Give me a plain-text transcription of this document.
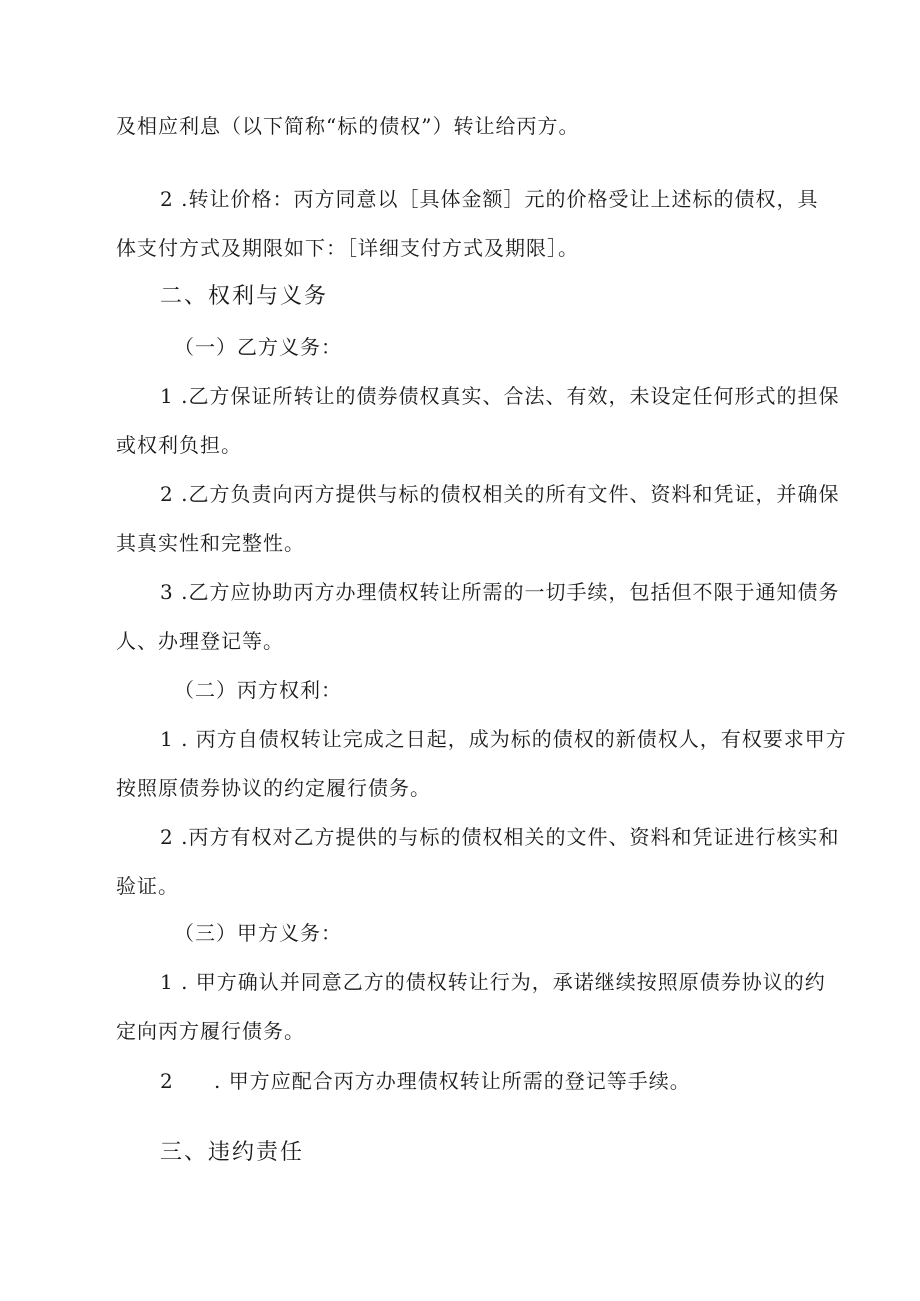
及相应利息（以下简称“标的债权”）转让给丙方。
2 .转让价格：丙方同意以［具体金额］元的价格受让上述标的债权，具
体支付方式及期限如下：［详细支付方式及期限］。
二、权利与义务
（一）乙方义务：
1 .乙方保证所转让的债券债权真实、合法、有效，未设定任何形式的担保
或权利负担。
2 .乙方负责向丙方提供与标的债权相关的所有文件、资料和凭证，并确保
其真实性和完整性。
3 .乙方应协助丙方办理债权转让所需的一切手续，包括但不限于通知债务
人、办理登记等。
（二）丙方权利：
1 . 丙方自债权转让完成之日起，成为标的债权的新债权人，有权要求甲方
按照原债券协议的约定履行债务。
2 .丙方有权对乙方提供的与标的债权相关的文件、资料和凭证进行核实和
验证。
（三）甲方义务：
1 . 甲方确认并同意乙方的债权转让行为，承诺继续按照原债券协议的约
定向丙方履行债务。
2 . 甲方应配合丙方办理债权转让所需的登记等手续。
三、违约责任
